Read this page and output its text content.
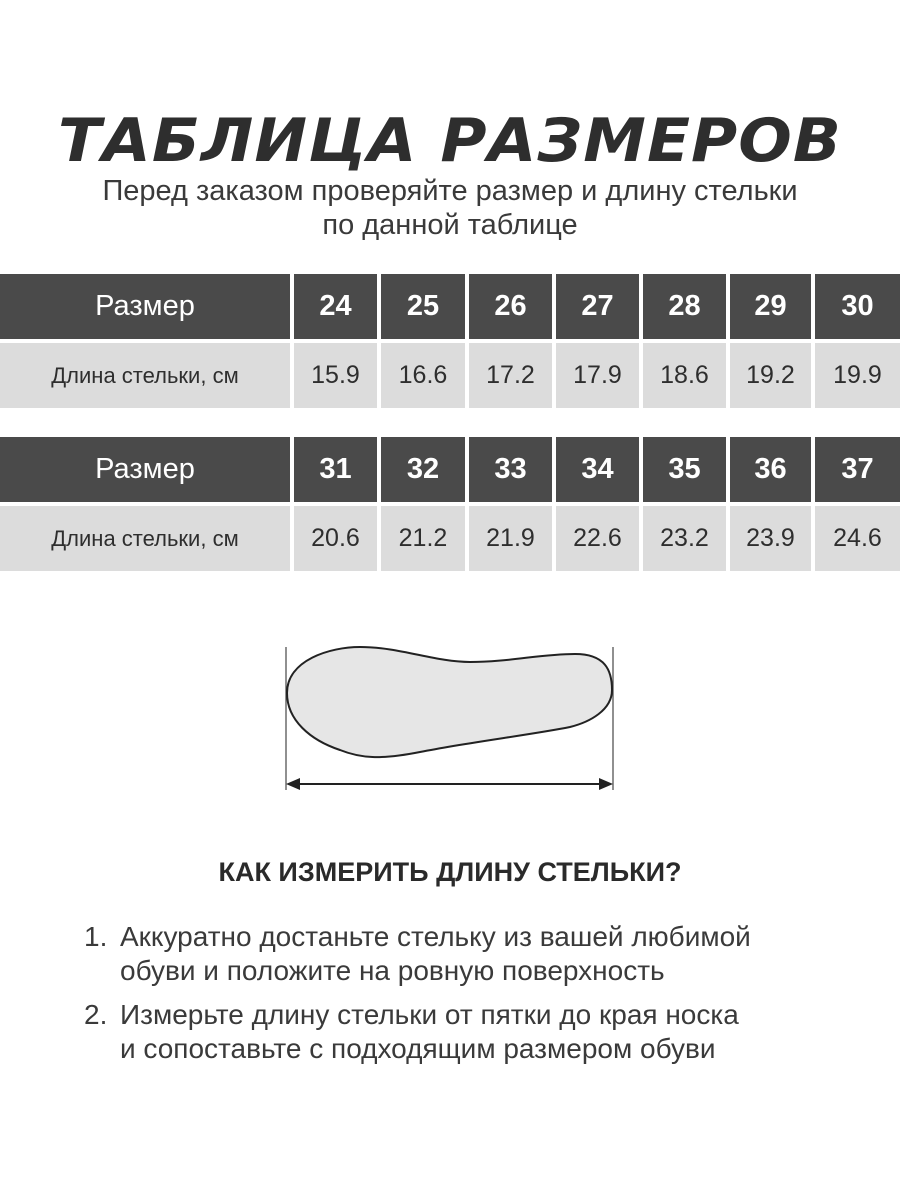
ТАБЛИЦА РАЗМЕРОВ
Перед заказом проверяйте размер и длину стельки
по данной таблице
Размер	24	25	26	27	28	29	30
Длина стельки, см	15.9	16.6	17.2	17.9	18.6	19.2	19.9
Размер	31	32	33	34	35	36	37
Длина стельки, см	20.6	21.2	21.9	22.6	23.2	23.9	24.6
КАК ИЗМЕРИТЬ ДЛИНУ СТЕЛЬКИ?
1. Аккуратно достаньте стельку из вашей любимой
обуви и положите на ровную поверхность
2. Измерьте длину стельки от пятки до края носка
и сопоставьте с подходящим размером обуви
